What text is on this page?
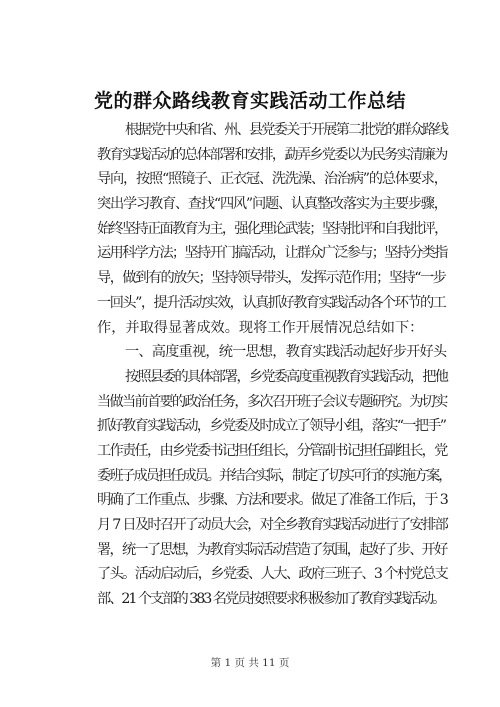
党的群众路线教育实践活动工作总结
根据党中央和省、州、县党委关于开展第二批党的群众路线
教育实践活动的总体部署和安排，勐弄乡党委以为民务实清廉为
导向，按照“照镜子、正衣冠、洗洗澡、治治病”的总体要求，
突出学习教育、查找“四风”问题、认真整改落实为主要步骤，
始终坚持正面教育为主，强化理论武装；坚持批评和自我批评，
运用科学方法；坚持开门搞活动，让群众广泛参与；坚持分类指
导，做到有的放矢；坚持领导带头，发挥示范作用；坚持“一步
一回头”，提升活动实效，认真抓好教育实践活动各个环节的工
作，并取得显著成效。现将工作开展情况总结如下：
一、高度重视，统一思想，教育实践活动起好步开好头
按照县委的具体部署，乡党委高度重视教育实践活动，把他
当做当前首要的政治任务，多次召开班子会议专题研究。为切实
抓好教育实践活动，乡党委及时成立了领导小组，落实“一把手”
工作责任，由乡党委书记担任组长，分管副书记担任副组长，党
委班子成员担任成员。并结合实际，制定了切实可行的实施方案，
明确了工作重点、步骤、方法和要求。做足了准备工作后，于 3
月 7 日及时召开了动员大会，对全乡教育实践活动进行了安排部
署，统一了思想，为教育实际活动营造了氛围，起好了步、开好
了头。活动启动后，乡党委、人大、政府三班子、3 个村党总支
部、21 个支部的 383 名党员按照要求积极参加了教育实践活动。
第 1 页 共 11 页
